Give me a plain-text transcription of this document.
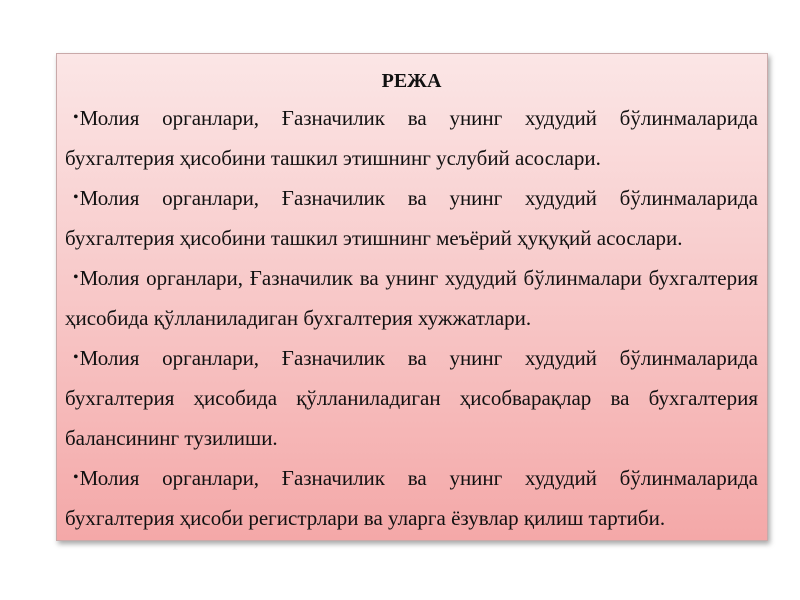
РЕЖА
•Молия органлари, Ғазначилик ва унинг худудий бўлинмаларида бухгалтерия ҳисобини ташкил этишнинг услубий асослари.
•Молия органлари, Ғазначилик ва унинг худудий бўлинмаларида бухгалтерия ҳисобини ташкил этишнинг меъёрий ҳуқуқий асослари.
•Молия органлари, Ғазначилик ва унинг худудий бўлинмалари бухгалтерия ҳисобида қўлланиладиган бухгалтерия хужжатлари.
•Молия органлари, Ғазначилик ва унинг худудий бўлинмаларида бухгалтерия ҳисобида қўлланиладиган ҳисобварақлар ва бухгалтерия балансининг тузилиши.
•Молия органлари, Ғазначилик ва унинг худудий бўлинмаларида бухгалтерия ҳисоби регистрлари ва уларга ёзувлар қилиш тартиби.
